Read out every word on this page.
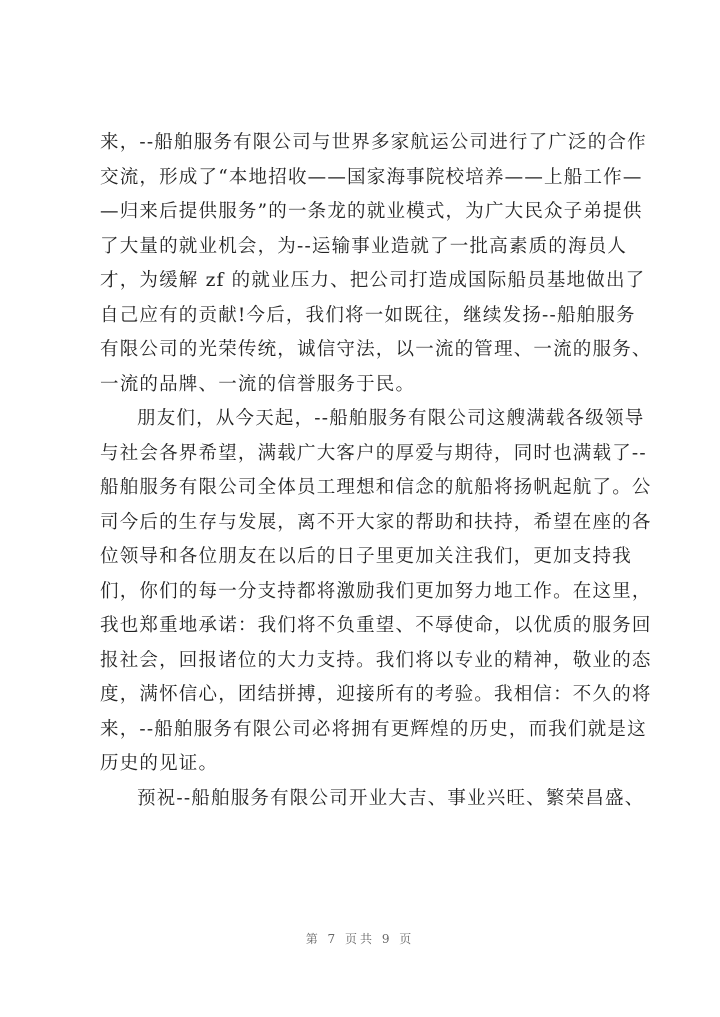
来，--船舶服务有限公司与世界多家航运公司进行了广泛的合作
交流，形成了“本地招收——国家海事院校培养——上船工作—
—归来后提供服务”的一条龙的就业模式，为广大民众子弟提供
了大量的就业机会，为--运输事业造就了一批高素质的海员人
才，为缓解 zf 的就业压力、把公司打造成国际船员基地做出了
自己应有的贡献!今后，我们将一如既往，继续发扬--船舶服务
有限公司的光荣传统，诚信守法，以一流的管理、一流的服务、
一流的品牌、一流的信誉服务于民。
朋友们，从今天起，--船舶服务有限公司这艘满载各级领导
与社会各界希望，满载广大客户的厚爱与期待，同时也满载了--
船舶服务有限公司全体员工理想和信念的航船将扬帆起航了。公
司今后的生存与发展，离不开大家的帮助和扶持，希望在座的各
位领导和各位朋友在以后的日子里更加关注我们，更加支持我
们，你们的每一分支持都将激励我们更加努力地工作。在这里，
我也郑重地承诺：我们将不负重望、不辱使命，以优质的服务回
报社会，回报诸位的大力支持。我们将以专业的精神，敬业的态
度，满怀信心，团结拼搏，迎接所有的考验。我相信：不久的将
来，--船舶服务有限公司必将拥有更辉煌的历史，而我们就是这
历史的见证。
预祝--船舶服务有限公司开业大吉、事业兴旺、繁荣昌盛、
第 7 页共 9 页
